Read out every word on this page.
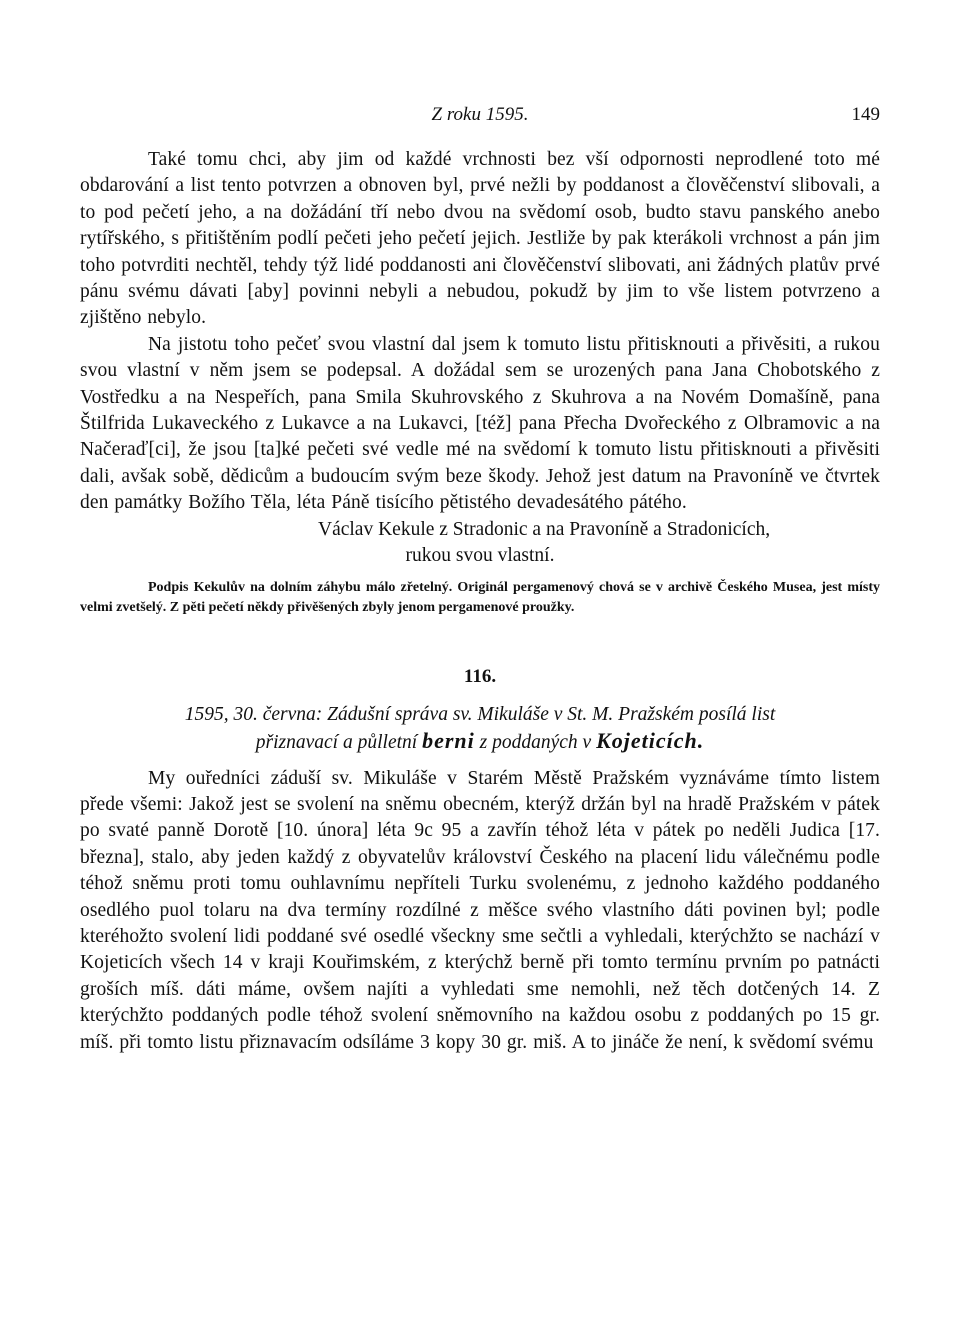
Z roku 1595.	149

Také tomu chci, aby jim od každé vrchnosti bez vší odpornosti neprodlené toto mé obdarování a list tento potvrzen a obnoven byl, prvé nežli by poddanost a člověčenství slibovali, a to pod pečetí jeho, a na dožádání tří nebo dvou na svědomí osob, budto stavu panského anebo rytířského, s přitištěním podlí pečeti jeho pečetí jejich. Jestliže by pak kterákoli vrchnost a pán jim toho potvrditi nechtěl, tehdy týž lidé poddanosti ani člověčenství slibovati, ani žádných platův prvé pánu svému dávati [aby] povinni nebyli a nebudou, pokudž by jim to vše listem potvrzeno a zjištěno nebylo.

Na jistotu toho pečeť svou vlastní dal jsem k tomuto listu přitisknouti a přivěsiti, a rukou svou vlastní v něm jsem se podepsal. A dožádal sem se urozených pana Jana Chobotského z Vostředku a na Nespeřích, pana Smila Skuhrovského z Skuhrova a na Novém Domašíně, pana Štilfrida Lukaveckého z Lukavce a na Lukavci, [též] pana Přecha Dvořeckého z Olbramovic a na Načeraď[ci], že jsou [ta]ké pečeti své vedle mé na svědomí k tomuto listu přitisknouti a přivěsiti dali, avšak sobě, dědicům a budoucím svým beze škody. Jehož jest datum na Pravoníně ve čtvrtek den památky Božího Těla, léta Páně tisícího pětistého devadesátého pátého.

Václav Kekule z Stradonic a na Pravoníně a Stradonicích,
rukou svou vlastní.
Podpis Kekulův na dolním záhybu málo zřetelný. Originál pergamenový chová se v archivě Českého Musea, jest místy velmi zvetšelý. Z pěti pečetí někdy přivěšených zbyly jenom pergamenové proužky.
116.
1595, 30. června: Zádušní správa sv. Mikuláše v St. M. Pražském posílá list
přiznavací a půlletní berni z poddaných v Kojeticích.

My ouředníci záduší sv. Mikuláše v Starém Městě Pražském vyznáváme tímto listem přede všemi: Jakož jest se svolení na sněmu obecném, kterýž držán byl na hradě Pražském v pátek po svaté panně Dorotě [10. února] léta 9c 95 a zavřín téhož léta v pátek po neděli Judica [17. března], stalo, aby jeden každý z obyvatelův království Českého na placení lidu válečnému podle téhož sněmu proti tomu ouhlavnímu nepříteli Turku svolenému, z jednoho každého poddaného osedlého puol tolaru na dva termíny rozdílné z měšce svého vlastního dáti povinen byl; podle kteréhožto svolení lidi poddané své osedlé všeckny sme sečtli a vyhledali, kterýchžto se nachází v Kojeticích všech 14 v kraji Kouřimském, z kterýchž berně při tomto termínu prvním po patnácti groších míš. dáti máme, ovšem najíti a vyhledati sme nemohli, než těch dotčených 14. Z kterýchžto poddaných podle téhož svolení sněmovního na každou osobu z poddaných po 15 gr. míš. při tomto listu přiznavacím odsíláme 3 kopy 30 gr. miš. A to jináče že není, k svědomí svému
